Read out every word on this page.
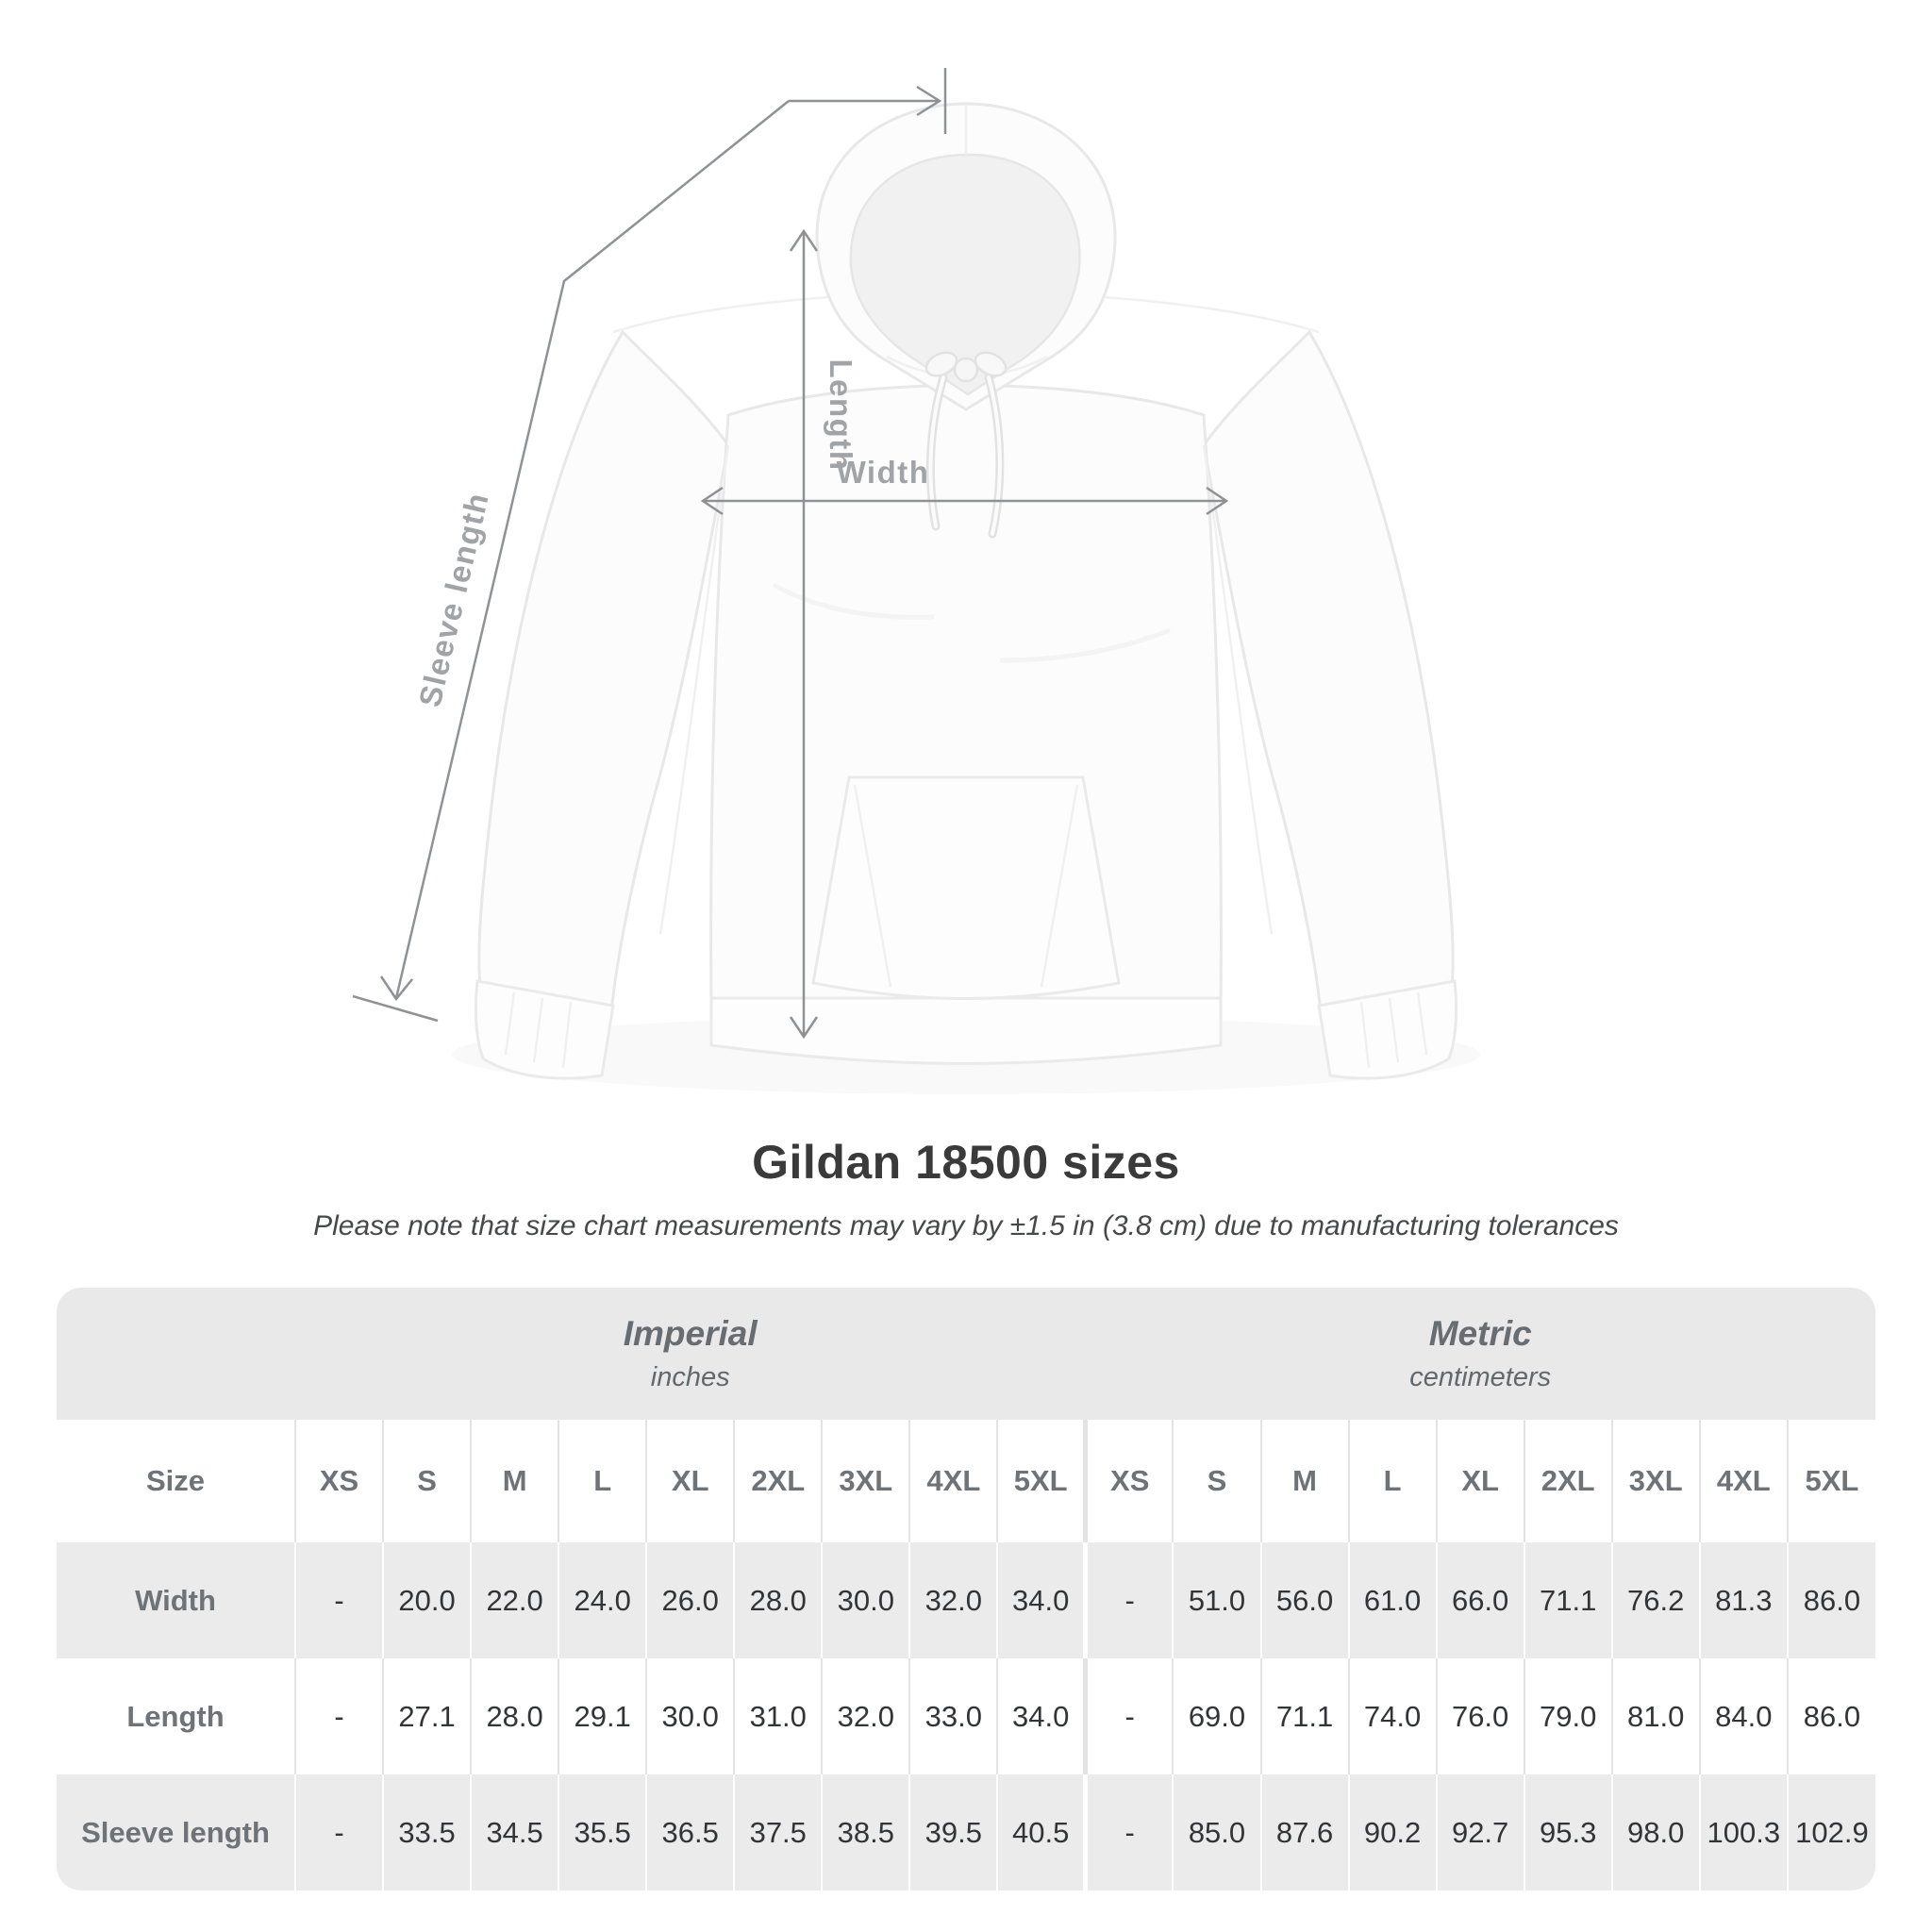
Sleeve length
Length
Width
Gildan 18500 sizes
Please note that size chart measurements may vary by ±1.5 in (3.8 cm) due to manufacturing tolerances

Imperial
inches

Metric
centimeters

Size	XS	S	M	L	XL	2XL	3XL	4XL	5XL	XS	S	M	L	XL	2XL	3XL	4XL	5XL
Width	-	20.0	22.0	24.0	26.0	28.0	30.0	32.0	34.0	-	51.0	56.0	61.0	66.0	71.1	76.2	81.3	86.0
Length	-	27.1	28.0	29.1	30.0	31.0	32.0	33.0	34.0	-	69.0	71.1	74.0	76.0	79.0	81.0	84.0	86.0
Sleeve length	-	33.5	34.5	35.5	36.5	37.5	38.5	39.5	40.5	-	85.0	87.6	90.2	92.7	95.3	98.0	100.3	102.9
